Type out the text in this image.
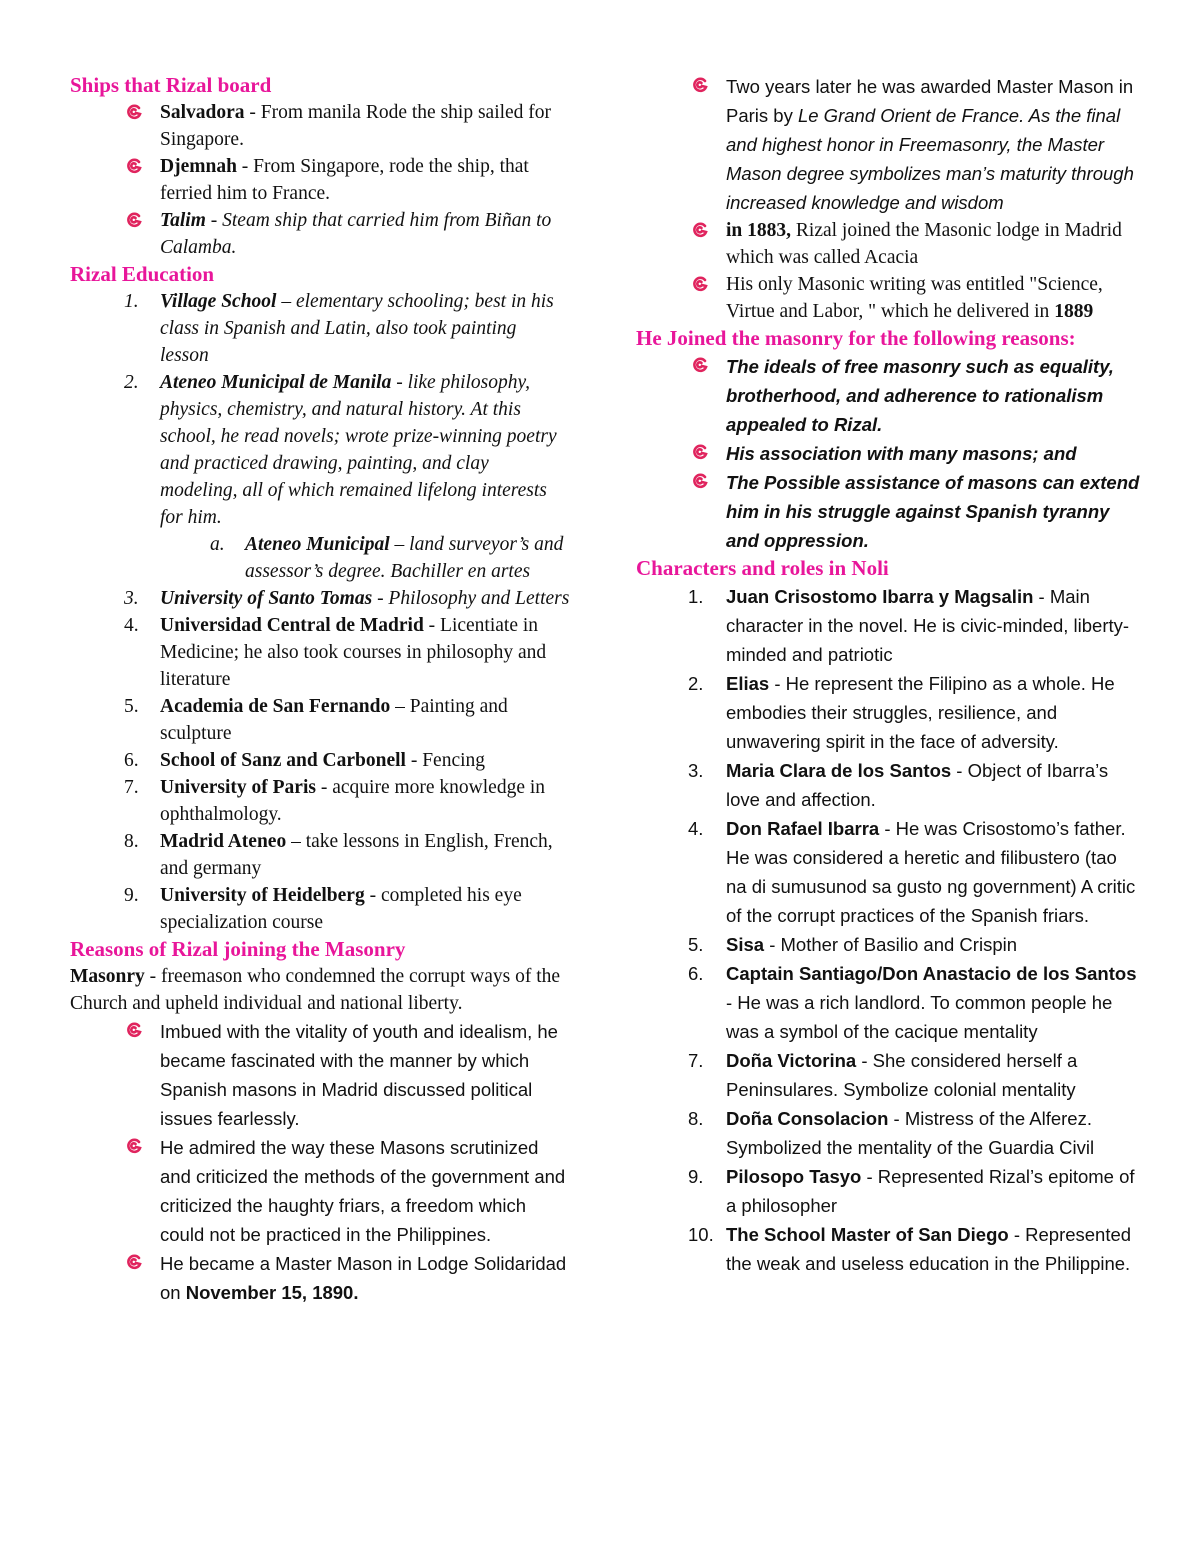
Ships that Rizal board

Salvadora - From manila Rode the ship sailed for Singapore.

Djemnah - From Singapore, rode the ship, that ferried him to France.

Talim - Steam ship that carried him from Biñan to Calamba.

Rizal Education

1.	Village School – elementary schooling; best in his class in Spanish and Latin, also took painting lesson

2.	Ateneo Municipal de Manila - like philosophy, physics, chemistry, and natural history. At this school, he read novels; wrote prize-winning poetry and practiced drawing, painting, and clay modeling, all of which remained lifelong interests for him.

a. Ateneo Municipal – land surveyor’s and assessor’s degree. Bachiller en artes

3.	University of Santo Tomas - Philosophy and Letters

4.	Universidad Central de Madrid - Licentiate in Medicine; he also took courses in philosophy and literature

5.	Academia de San Fernando – Painting and sculpture

6.	School of Sanz and Carbonell - Fencing

7.	University of Paris - acquire more knowledge in ophthalmology.

8.	Madrid Ateneo – take lessons in English, French, and germany

9.	University of Heidelberg - completed his eye specialization course

Reasons of Rizal joining the Masonry

Masonry - freemason who condemned the corrupt ways of the Church and upheld individual and national liberty.

Imbued with the vitality of youth and idealism, he became fascinated with the manner by which Spanish masons in Madrid discussed political issues fearlessly.

He admired the way these Masons scrutinized and criticized the methods of the government and criticized the haughty friars, a freedom which could not be practiced in the Philippines.

He became a Master Mason in Lodge Solidaridad on November 15, 1890.

Two years later he was awarded Master Mason in Paris by Le Grand Orient de France. As the final and highest honor in Freemasonry, the Master Mason degree symbolizes man’s maturity through increased knowledge and wisdom

in 1883, Rizal joined the Masonic lodge in Madrid which was called Acacia

His only Masonic writing was entitled "Science, Virtue and Labor, " which he delivered in 1889

He Joined the masonry for the following reasons:

The ideals of free masonry such as equality, brotherhood, and adherence to rationalism appealed to Rizal.

His association with many masons; and

The Possible assistance of masons can extend him in his struggle against Spanish tyranny and oppression.

Characters and roles in Noli

1.	Juan Crisostomo Ibarra y Magsalin - Main character in the novel. He is civic-minded, liberty-minded and patriotic

2.	Elias - He represent the Filipino as a whole. He embodies their struggles, resilience, and unwavering spirit in the face of adversity.

3.	Maria Clara de los Santos - Object of Ibarra’s love and affection.

4.	Don Rafael Ibarra - He was Crisostomo’s father. He was considered a heretic and filibustero (tao na di sumusunod sa gusto ng government) A critic of the corrupt practices of the Spanish friars.

5.	Sisa - Mother of Basilio and Crispin

6.	Captain Santiago/Don Anastacio de los Santos - He was a rich landlord. To common people he was a symbol of the cacique mentality

7.	Doña Victorina - She considered herself a Peninsulares. Symbolize colonial mentality

8.	Doña Consolacion - Mistress of the Alferez. Symbolized the mentality of the Guardia Civil

9.	Pilosopo Tasyo - Represented Rizal’s epitome of a philosopher

10. The School Master of San Diego - Represented the weak and useless education in the Philippine.
